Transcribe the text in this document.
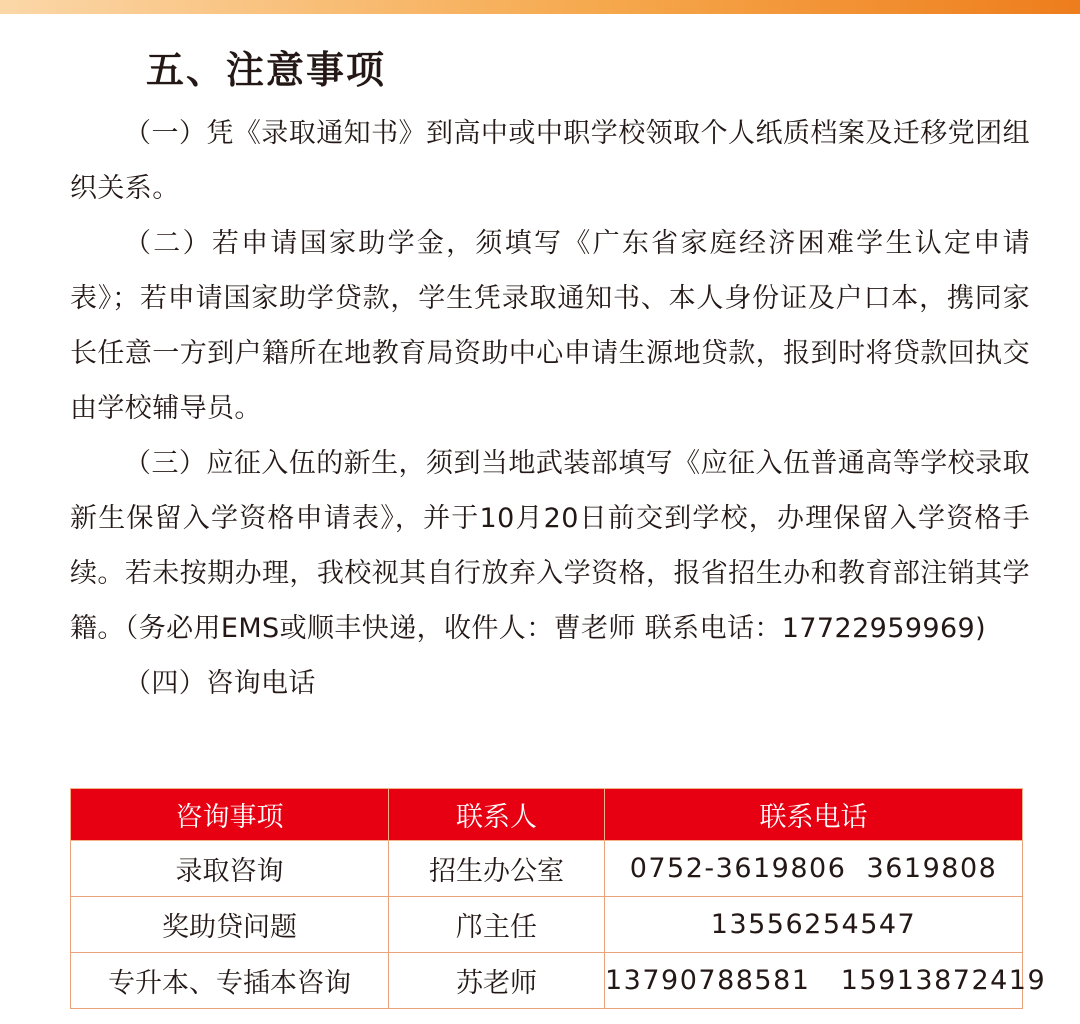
五、注意事项

（一）凭《录取通知书》到高中或中职学校领取个人纸质档案及迁移党团组织关系。

（二）若申请国家助学金，须填写《广东省家庭经济困难学生认定申请表》；若申请国家助学贷款，学生凭录取通知书、本人身份证及户口本，携同家长任意一方到户籍所在地教育局资助中心申请生源地贷款，报到时将贷款回执交由学校辅导员。

（三）应征入伍的新生，须到当地武装部填写《应征入伍普通高等学校录取新生保留入学资格申请表》，并于10月20日前交到学校，办理保留入学资格手续。若未按期办理，我校视其自行放弃入学资格，报省招生办和教育部注销其学籍。（务必用EMS或顺丰快递，收件人：曹老师 联系电话：17722959969)

（四）咨询电话

咨询事项	联系人	联系电话
录取咨询	招生办公室	0752-3619806  3619808
奖助贷问题	邝主任	13556254547
专升本、专插本咨询	苏老师	13790788581   15913872419
